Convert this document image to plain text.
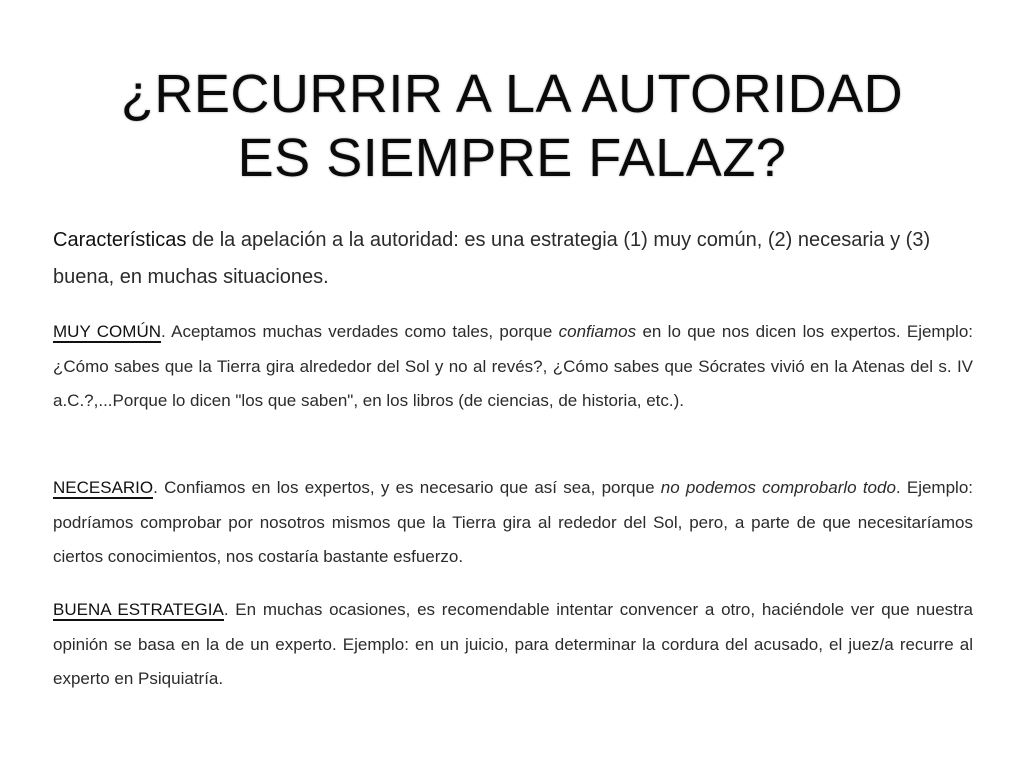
¿RECURRIR A LA AUTORIDAD
ES SIEMPRE FALAZ?

Características de la apelación a la autoridad: es una estrategia (1) muy común, (2) necesaria y (3) buena, en muchas situaciones.

MUY COMÚN. Aceptamos muchas verdades como tales, porque confiamos en lo que nos dicen los expertos. Ejemplo: ¿Cómo sabes que la Tierra gira alrededor del Sol y no al revés?, ¿Cómo sabes que Sócrates vivió en la Atenas del s. IV a.C.?,...Porque lo dicen "los que saben", en los libros (de ciencias, de historia, etc.).

NECESARIO. Confiamos en los expertos, y es necesario que así sea, porque no podemos comprobarlo todo. Ejemplo: podríamos comprobar por nosotros mismos que la Tierra gira al rededor del Sol, pero, a parte de que necesitaríamos ciertos conocimientos, nos costaría bastante esfuerzo.

BUENA ESTRATEGIA. En muchas ocasiones, es recomendable intentar convencer a otro, haciéndole ver que nuestra opinión se basa en la de un experto. Ejemplo: en un juicio, para determinar la cordura del acusado, el juez/a recurre al experto en Psiquiatría.
